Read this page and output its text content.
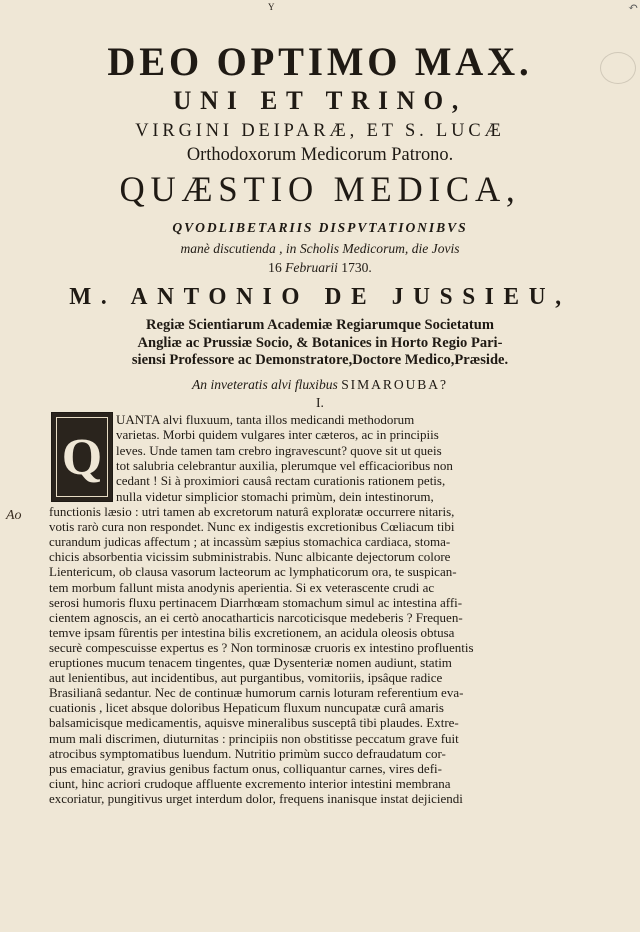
Y	↶
DEO OPTIMO MAX.
UNI ET TRINO,
VIRGINI DEIPARÆ, ET S. LUCÆ
Orthodoxorum Medicorum Patrono.
QUÆSTIO MEDICA,
QVODLIBETARIIS DISPVTATIONIBVS
manè discutienda , in Scholis Medicorum, die Jovis
16 Februarii 1730.
M. ANTONIO DE JUSSIEU,
Regiæ Scientiarum Academiæ Regiarumque Societatum
Angliæ ac Prussiæ Socio, & Botanices in Horto Regio Pari-
siensi Professore ac Demonstratore,Doctore Medico,Præside.
An inveteratis alvi fluxibus SIMAROUBA?
I.
Q
Ao
UANTA alvi fluxuum, tanta illos medicandi methodorum
varietas. Morbi quidem vulgares inter cæteros, ac in principiis
leves. Unde tamen tam crebro ingravescunt? quove sit ut queis
tot salubria celebrantur auxilia, plerumque vel efficacioribus non
cedant ! Si à proximiori causâ rectam curationis rationem petis,
nulla videtur simplicior stomachi primùm, dein intestinorum,
functionis læsio : utri tamen ab excretorum naturâ exploratæ occurrere nitaris,
votis rarò cura non respondet. Nunc ex indigestis excretionibus Cœliacum tibi
curandum judicas affectum ; at incassùm sæpius stomachica cardiaca, stoma-
chicis absorbentia vicissim subministrabis. Nunc albicante dejectorum colore
Lientericum, ob clausa vasorum lacteorum ac lymphaticorum ora, te suspican-
tem morbum fallunt mista anodynis aperientia. Si ex veterascente crudi ac
serosi humoris fluxu pertinacem Diarrhœam stomachum simul ac intestina affi-
cientem agnoscis, an ei certò anocatharticis narcoticisque medeberis ? Frequen-
temve ipsam fûrentis per intestina bilis excretionem, an acidula oleosis obtusa
securè compescuisse expertus es ? Non torminosæ cruoris ex intestino profluentis
eruptiones mucum tenacem tingentes, quæ Dysenteriæ nomen audiunt, statim
aut lenientibus, aut incidentibus, aut purgantibus, vomitoriis, ipsâque radice
Brasilianâ sedantur. Nec de continuæ humorum carnis loturam referentium eva-
cuationis , licet absque doloribus Hepaticum fluxum nuncupatæ curâ amaris
balsamicisque medicamentis, aquisve mineralibus susceptâ tibi plaudes. Extre-
mum mali discrimen, diuturnitas : principiis non obstitisse peccatum grave fuit
atrocibus symptomatibus luendum. Nutritio primùm succo defraudatum cor-
pus emaciatur, gravius genibus factum onus, colliquantur carnes, vires defi-
ciunt, hinc acriori crudoque affluente excremento interior intestini membrana
excoriatur, pungitivus urget interdum dolor, frequens inanisque instat dejiciendi
